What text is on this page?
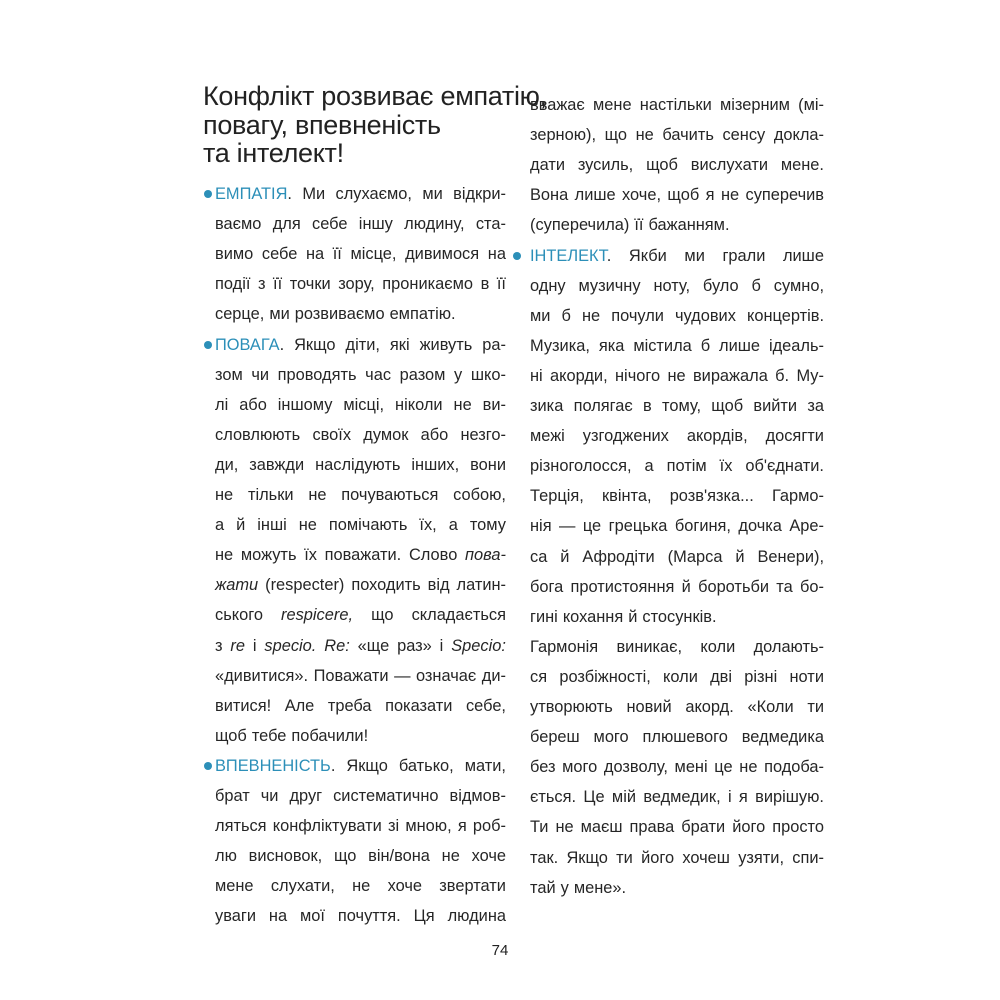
Конфлікт розвиває емпатію,
повагу, впевненість
та інтелект!
ЕМПАТІЯ. Ми слухаємо, ми відкри-
ваємо для себе іншу людину, ста-
вимо себе на її місце, дивимося на
події з її точки зору, проникаємо в її
серце, ми розвиваємо емпатію.
ПОВАГА. Якщо діти, які живуть ра-
зом чи проводять час разом у шко-
лі або іншому місці, ніколи не ви-
словлюють своїх думок або незго-
ди, завжди наслідують інших, вони
не тільки не почуваються собою,
а й інші не помічають їх, а тому
не можуть їх поважати. Слово пова-
жати (respecter) походить від латин-
ського respicere, що складається
з re і specio. Re: «ще раз» і Specio:
«дивитися». Поважати — означає ди-
витися! Але треба показати себе,
щоб тебе побачили!
ВПЕВНЕНІСТЬ. Якщо батько, мати,
брат чи друг систематично відмов-
ляться конфліктувати зі мною, я роб-
лю висновок, що він/вона не хоче
мене слухати, не хоче звертати
уваги на мої почуття. Ця людина
вважає мене настільки мізерним (мі-
зерною), що не бачить сенсу докла-
дати зусиль, щоб вислухати мене.
Вона лише хоче, щоб я не суперечив
(суперечила) її бажанням.
ІНТЕЛЕКТ. Якби ми грали лише
одну музичну ноту, було б сумно,
ми б не почули чудових концертів.
Музика, яка містила б лише ідеаль-
ні акорди, нічого не виражала б. Му-
зика полягає в тому, щоб вийти за
межі узгоджених акордів, досягти
різноголосся, а потім їх об'єднати.
Терція, квінта, розв'язка... Гармо-
нія — це грецька богиня, дочка Аре-
са й Афродіти (Марса й Венери),
бога протистояння й боротьби та бо-
гині кохання й стосунків.
Гармонія виникає, коли долають-
ся розбіжності, коли дві різні ноти
утворюють новий акорд. «Коли ти
береш мого плюшевого ведмедика
без мого дозволу, мені це не подоба-
ється. Це мій ведмедик, і я вирішую.
Ти не маєш права брати його просто
так. Якщо ти його хочеш узяти, спи-
тай у мене».
74
